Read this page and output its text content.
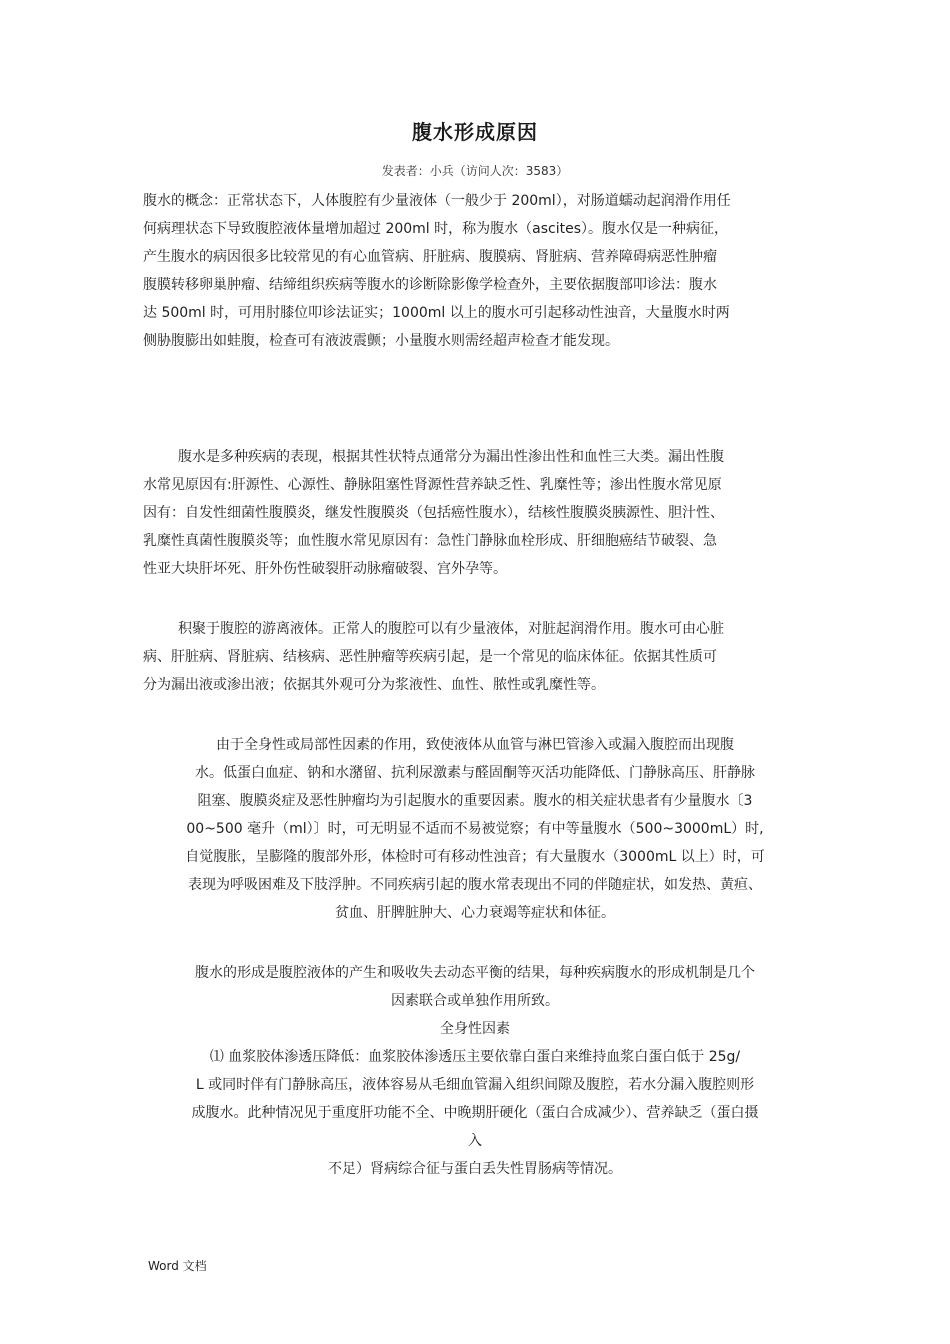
腹水形成原因
发表者：小兵（访问人次：3583）
腹水的概念：正常状态下，人体腹腔有少量液体（一般少于 200ml），对肠道蠕动起润滑作用任
何病理状态下导致腹腔液体量增加超过 200ml 时，称为腹水（ascites）。腹水仅是一种病征，
产生腹水的病因很多比较常见的有心血管病、肝脏病、腹膜病、肾脏病、营养障碍病恶性肿瘤
腹膜转移卵巢肿瘤、结缔组织疾病等腹水的诊断除影像学检查外，主要依据腹部叩诊法：腹水
达 500ml 时，可用肘膝位叩诊法证实；1000ml 以上的腹水可引起移动性浊音，大量腹水时两
侧胁腹膨出如蛙腹，检查可有液波震颤；小量腹水则需经超声检查才能发现。
腹水是多种疾病的表现，根据其性状特点通常分为漏出性渗出性和血性三大类。漏出性腹
水常见原因有:肝源性、心源性、静脉阻塞性肾源性营养缺乏性、乳糜性等；渗出性腹水常见原
因有：自发性细菌性腹膜炎，继发性腹膜炎（包括癌性腹水），结核性腹膜炎胰源性、胆汁性、
乳糜性真菌性腹膜炎等；血性腹水常见原因有：急性门静脉血栓形成、肝细胞癌结节破裂、急
性亚大块肝坏死、肝外伤性破裂肝动脉瘤破裂、宫外孕等。
积聚于腹腔的游离液体。正常人的腹腔可以有少量液体，对脏起润滑作用。腹水可由心脏
病、肝脏病、肾脏病、结核病、恶性肿瘤等疾病引起，是一个常见的临床体征。依据其性质可
分为漏出液或渗出液；依据其外观可分为浆液性、血性、脓性或乳糜性等。
由于全身性或局部性因素的作用，致使液体从血管与淋巴管渗入或漏入腹腔而出现腹
水。低蛋白血症、钠和水潴留、抗利尿激素与醛固酮等灭活功能降低、门静脉高压、肝静脉
阻塞、腹膜炎症及恶性肿瘤均为引起腹水的重要因素。腹水的相关症状患者有少量腹水〔3
00~500 毫升（ml）〕时，可无明显不适而不易被觉察；有中等量腹水（500~3000mL）时,
自觉腹胀，呈膨隆的腹部外形，体检时可有移动性浊音；有大量腹水（3000mL 以上）时，可
表现为呼吸困难及下肢浮肿。不同疾病引起的腹水常表现出不同的伴随症状，如发热、黄疸、
贫血、肝脾脏肿大、心力衰竭等症状和体征。
腹水的形成是腹腔液体的产生和吸收失去动态平衡的结果，每种疾病腹水的形成机制是几个
因素联合或单独作用所致。
全身性因素
⑴ 血浆胶体渗透压降低：血浆胶体渗透压主要依靠白蛋白来维持血浆白蛋白低于 25g/
L 或同时伴有门静脉高压，液体容易从毛细血管漏入组织间隙及腹腔，若水分漏入腹腔则形
成腹水。此种情况见于重度肝功能不全、中晚期肝硬化（蛋白合成减少）、营养缺乏（蛋白摄
入
不足）肾病综合征与蛋白丢失性胃肠病等情况。
Word 文档
